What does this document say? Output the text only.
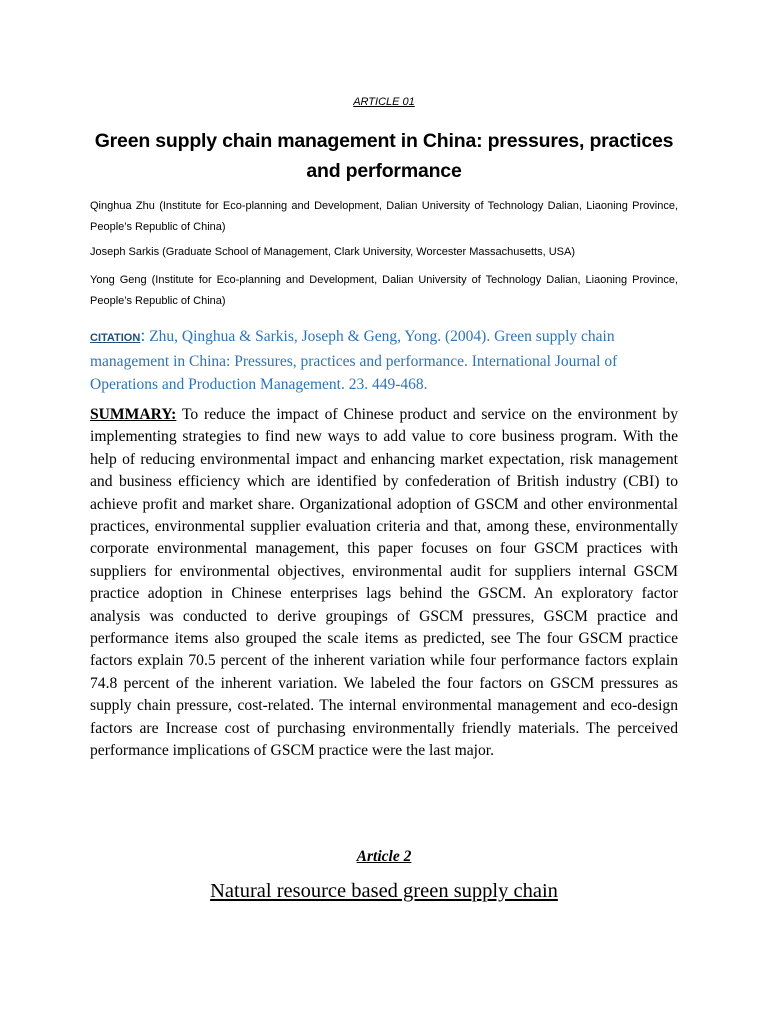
ARTICLE 01
Green supply chain management in China: pressures, practices and performance
Qinghua Zhu (Institute for Eco-planning and Development, Dalian University of Technology Dalian, Liaoning Province, People’s Republic of China)
Joseph Sarkis (Graduate School of Management, Clark University, Worcester Massachusetts, USA)
Yong Geng (Institute for Eco-planning and Development, Dalian University of Technology Dalian, Liaoning Province, People’s Republic of China)
CITATION: Zhu, Qinghua & Sarkis, Joseph & Geng, Yong. (2004). Green supply chain management in China: Pressures, practices and performance. International Journal of Operations and Production Management. 23. 449-468.
SUMMARY: To reduce the impact of Chinese product and service on the environment by implementing strategies to find new ways to add value to core business program. With the help of reducing environmental impact and enhancing market expectation, risk management and business efficiency which are identified by confederation of British industry (CBI) to achieve profit and market share. Organizational adoption of GSCM and other environmental practices, environmental supplier evaluation criteria and that, among these, environmentally corporate environmental management, this paper focuses on four GSCM practices with suppliers for environmental objectives, environmental audit for suppliers internal GSCM practice adoption in Chinese enterprises lags behind the GSCM. An exploratory factor analysis was conducted to derive groupings of GSCM pressures, GSCM practice and performance items also grouped the scale items as predicted, see The four GSCM practice factors explain 70.5 percent of the inherent variation while four performance factors explain 74.8 percent of the inherent variation. We labeled the four factors on GSCM pressures as supply chain pressure, cost-related. The internal environmental management and eco-design factors are Increase cost of purchasing environmentally friendly materials. The perceived performance implications of GSCM practice were the last major.
Article 2
Natural resource based green supply chain
